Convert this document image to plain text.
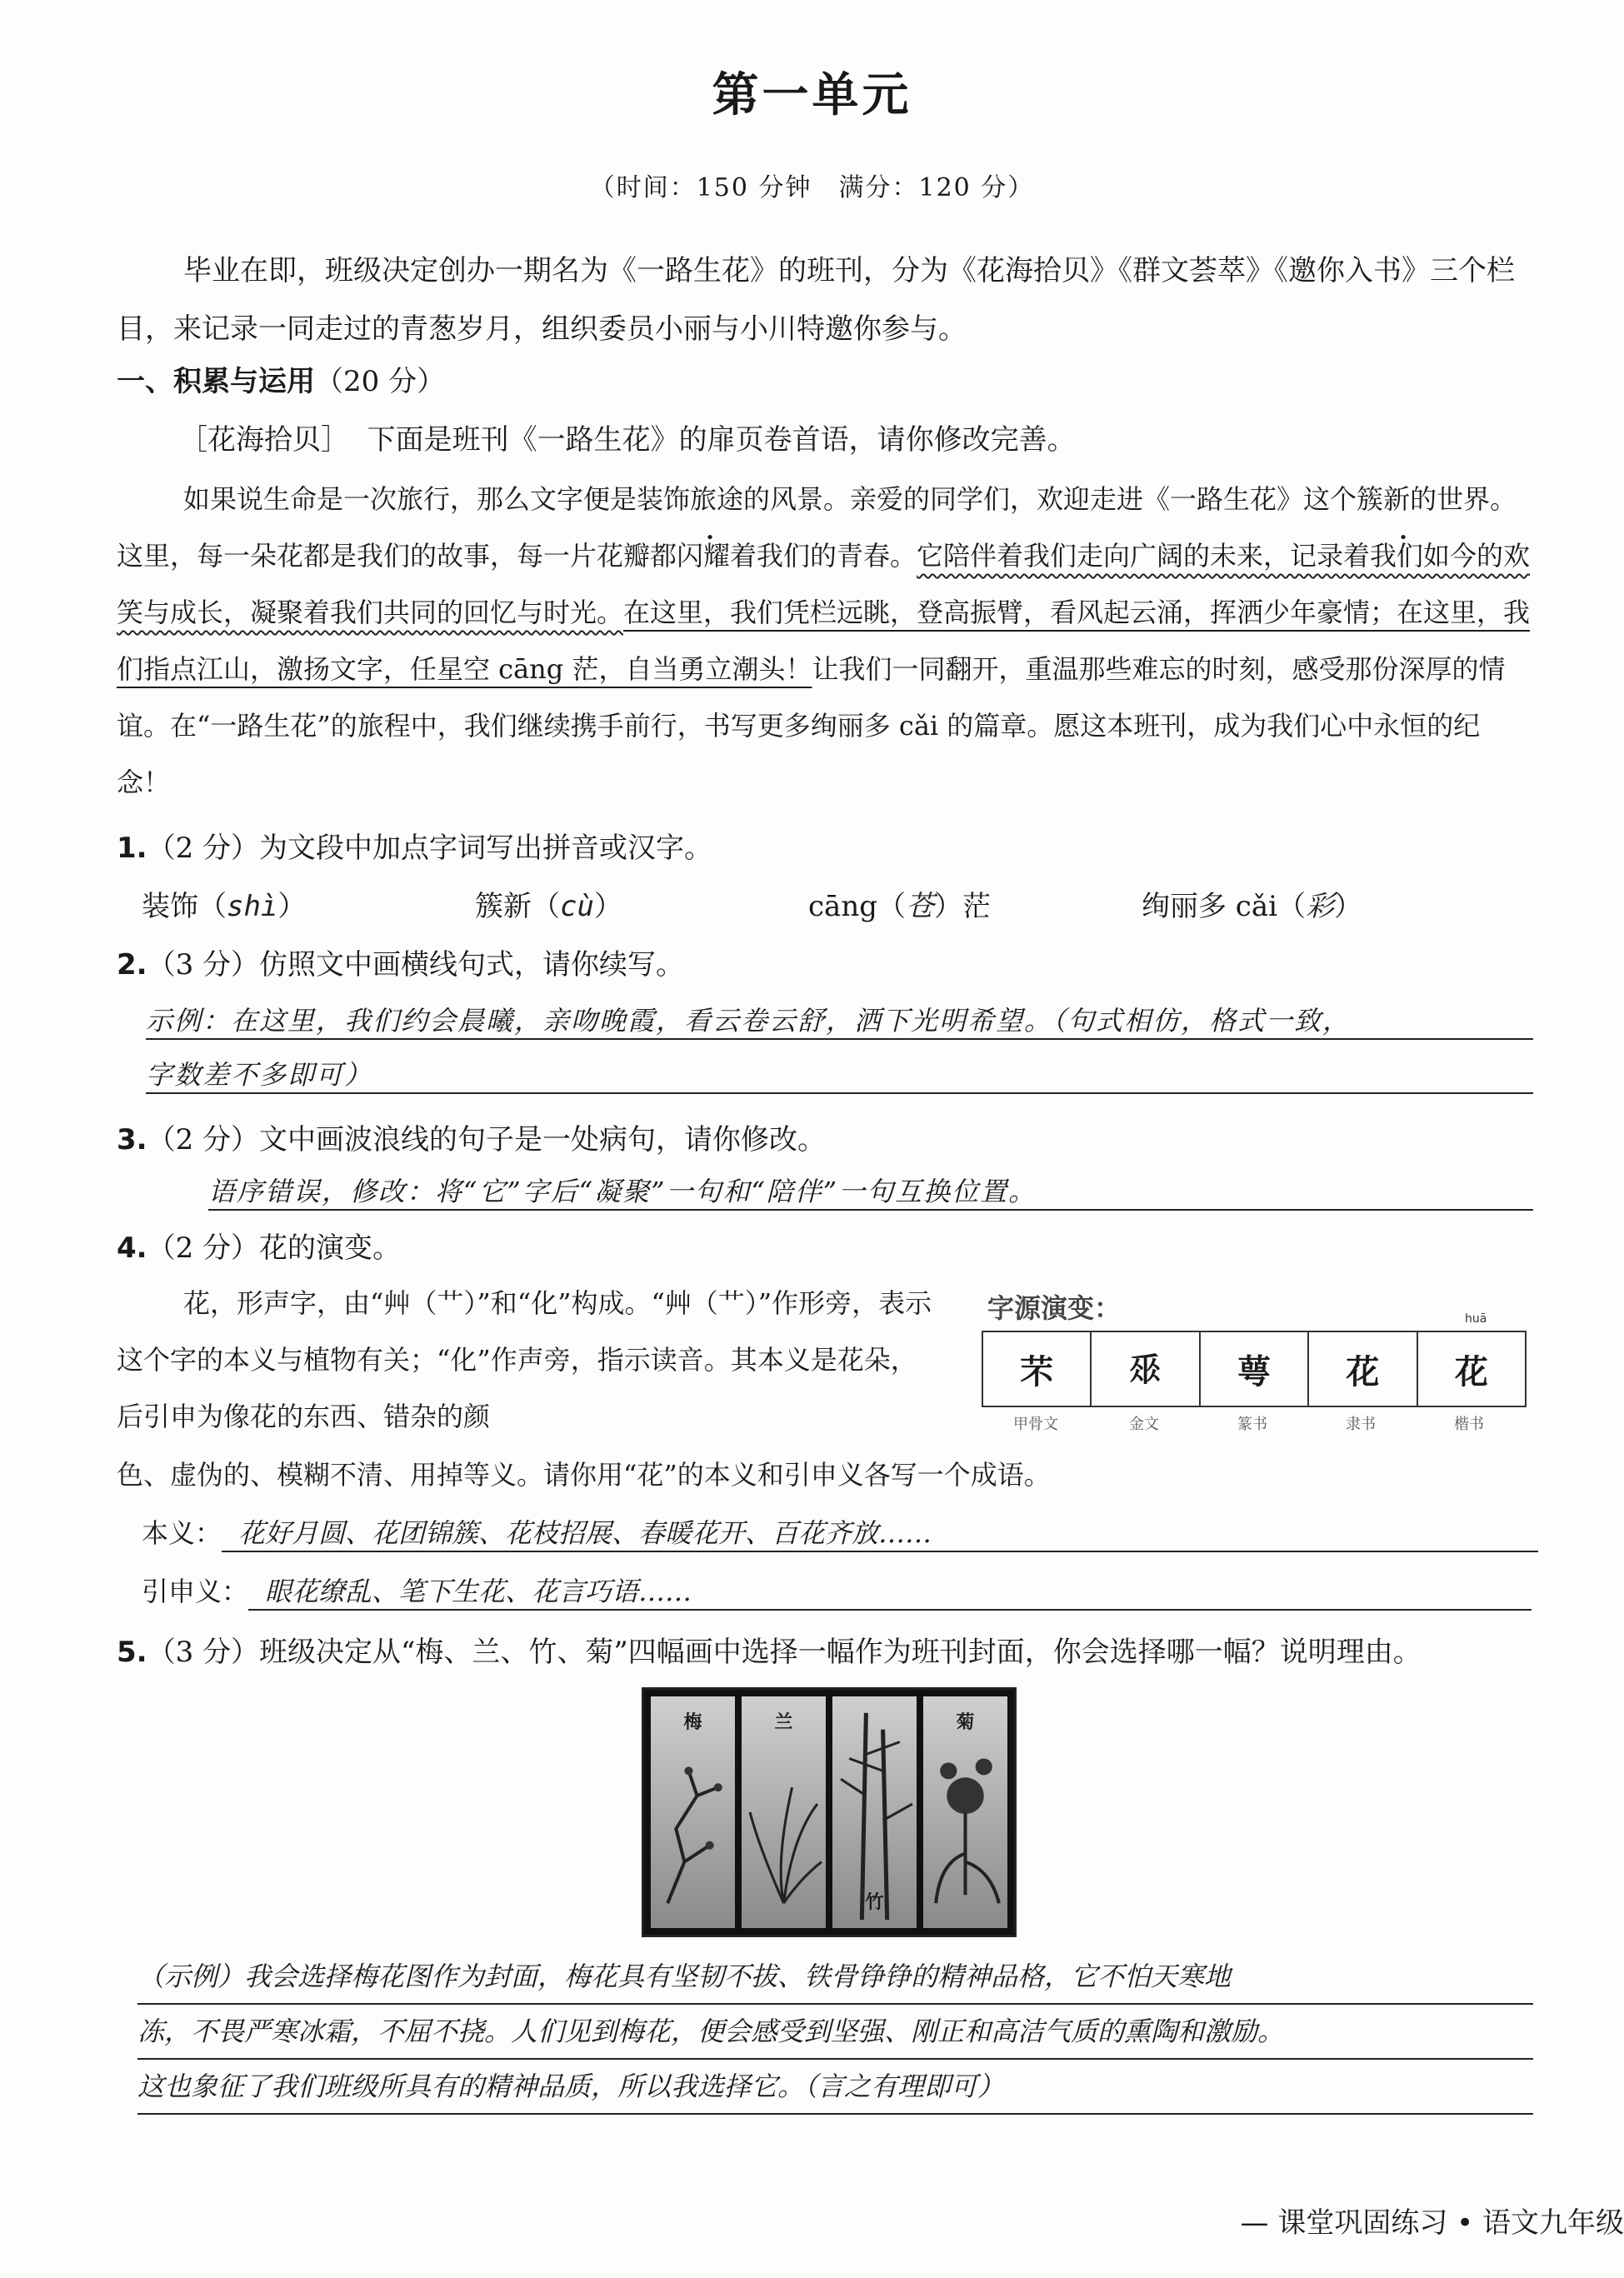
第一单元
（时间：150 分钟　满分：120 分）

毕业在即，班级决定创办一期名为《一路生花》的班刊，分为《花海拾贝》《群文荟萃》《邀你入书》三个栏目，来记录一同走过的青葱岁月，组织委员小丽与小川特邀你参与。

一、积累与运用（20 分）
［花海拾贝］ 下面是班刊《一路生花》的扉页卷首语，请你修改完善。

如果说生命是一次旅行，那么文字便是装饰旅途的风景。亲爱的同学们，欢迎走进《一路生花》这个簇新的世界。这里，每一朵花都是我们的故事，每一片花瓣都闪耀着我们的青春。它陪伴着我们走向广阔的未来，记录着我们如今的欢笑与成长，凝聚着我们共同的回忆与时光。在这里，我们凭栏远眺，登高振臂，看风起云涌，挥洒少年豪情；在这里，我们指点江山，激扬文字，任星空 cāng 茫，自当勇立潮头！让我们一同翻开，重温那些难忘的时刻，感受那份深厚的情谊。在“一路生花”的旅程中，我们继续携手前行，书写更多绚丽多 cǎi 的篇章。愿这本班刊，成为我们心中永恒的纪念！

1.（2 分）为文段中加点字词写出拼音或汉字。
装饰（shì）	簇新（cù）	cāng（苍）茫	绚丽多 cǎi（彩）
2.（3 分）仿照文中画横线句式，请你续写。
示例：在这里，我们约会晨曦，亲吻晚霞，看云卷云舒，洒下光明希望。（句式相仿，格式一致，
字数差不多即可）
3.（2 分）文中画波浪线的句子是一处病句，请你修改。
语序错误，修改：将“它”字后“凝聚”一句和“陪伴”一句互换位置。
4.（2 分）花的演变。

花，形声字，由“艸（艹）”和“化”构成。“艸（艹）”作形旁，表示这个字的本义与植物有关；“化”作声旁，指示读音。其本义是花朵，后引申为像花的东西、错杂的颜

色、虚伪的、模糊不清、用掉等义。请你用“花”的本义和引申义各写一个成语。
字源演变：	huā
芣	𠂹	萼	花	花
甲骨文	金文	篆书	隶书	楷书
本义： 花好月圆、花团锦簇、花枝招展、春暖花开、百花齐放……
引申义： 眼花缭乱、笔下生花、花言巧语……
5.（3 分）班级决定从“梅、兰、竹、菊”四幅画中选择一幅作为班刊封面，你会选择哪一幅？说明理由。
梅	兰
竹
菊
（示例）我会选择梅花图作为封面，梅花具有坚韧不拔、铁骨铮铮的精神品格，它不怕天寒地
冻，不畏严寒冰霜，不屈不挠。人们见到梅花，便会感受到坚强、刚正和高洁气质的熏陶和激励。
这也象征了我们班级所具有的精神品质，所以我选择它。（言之有理即可）
— 课堂巩固练习 • 语文九年级
